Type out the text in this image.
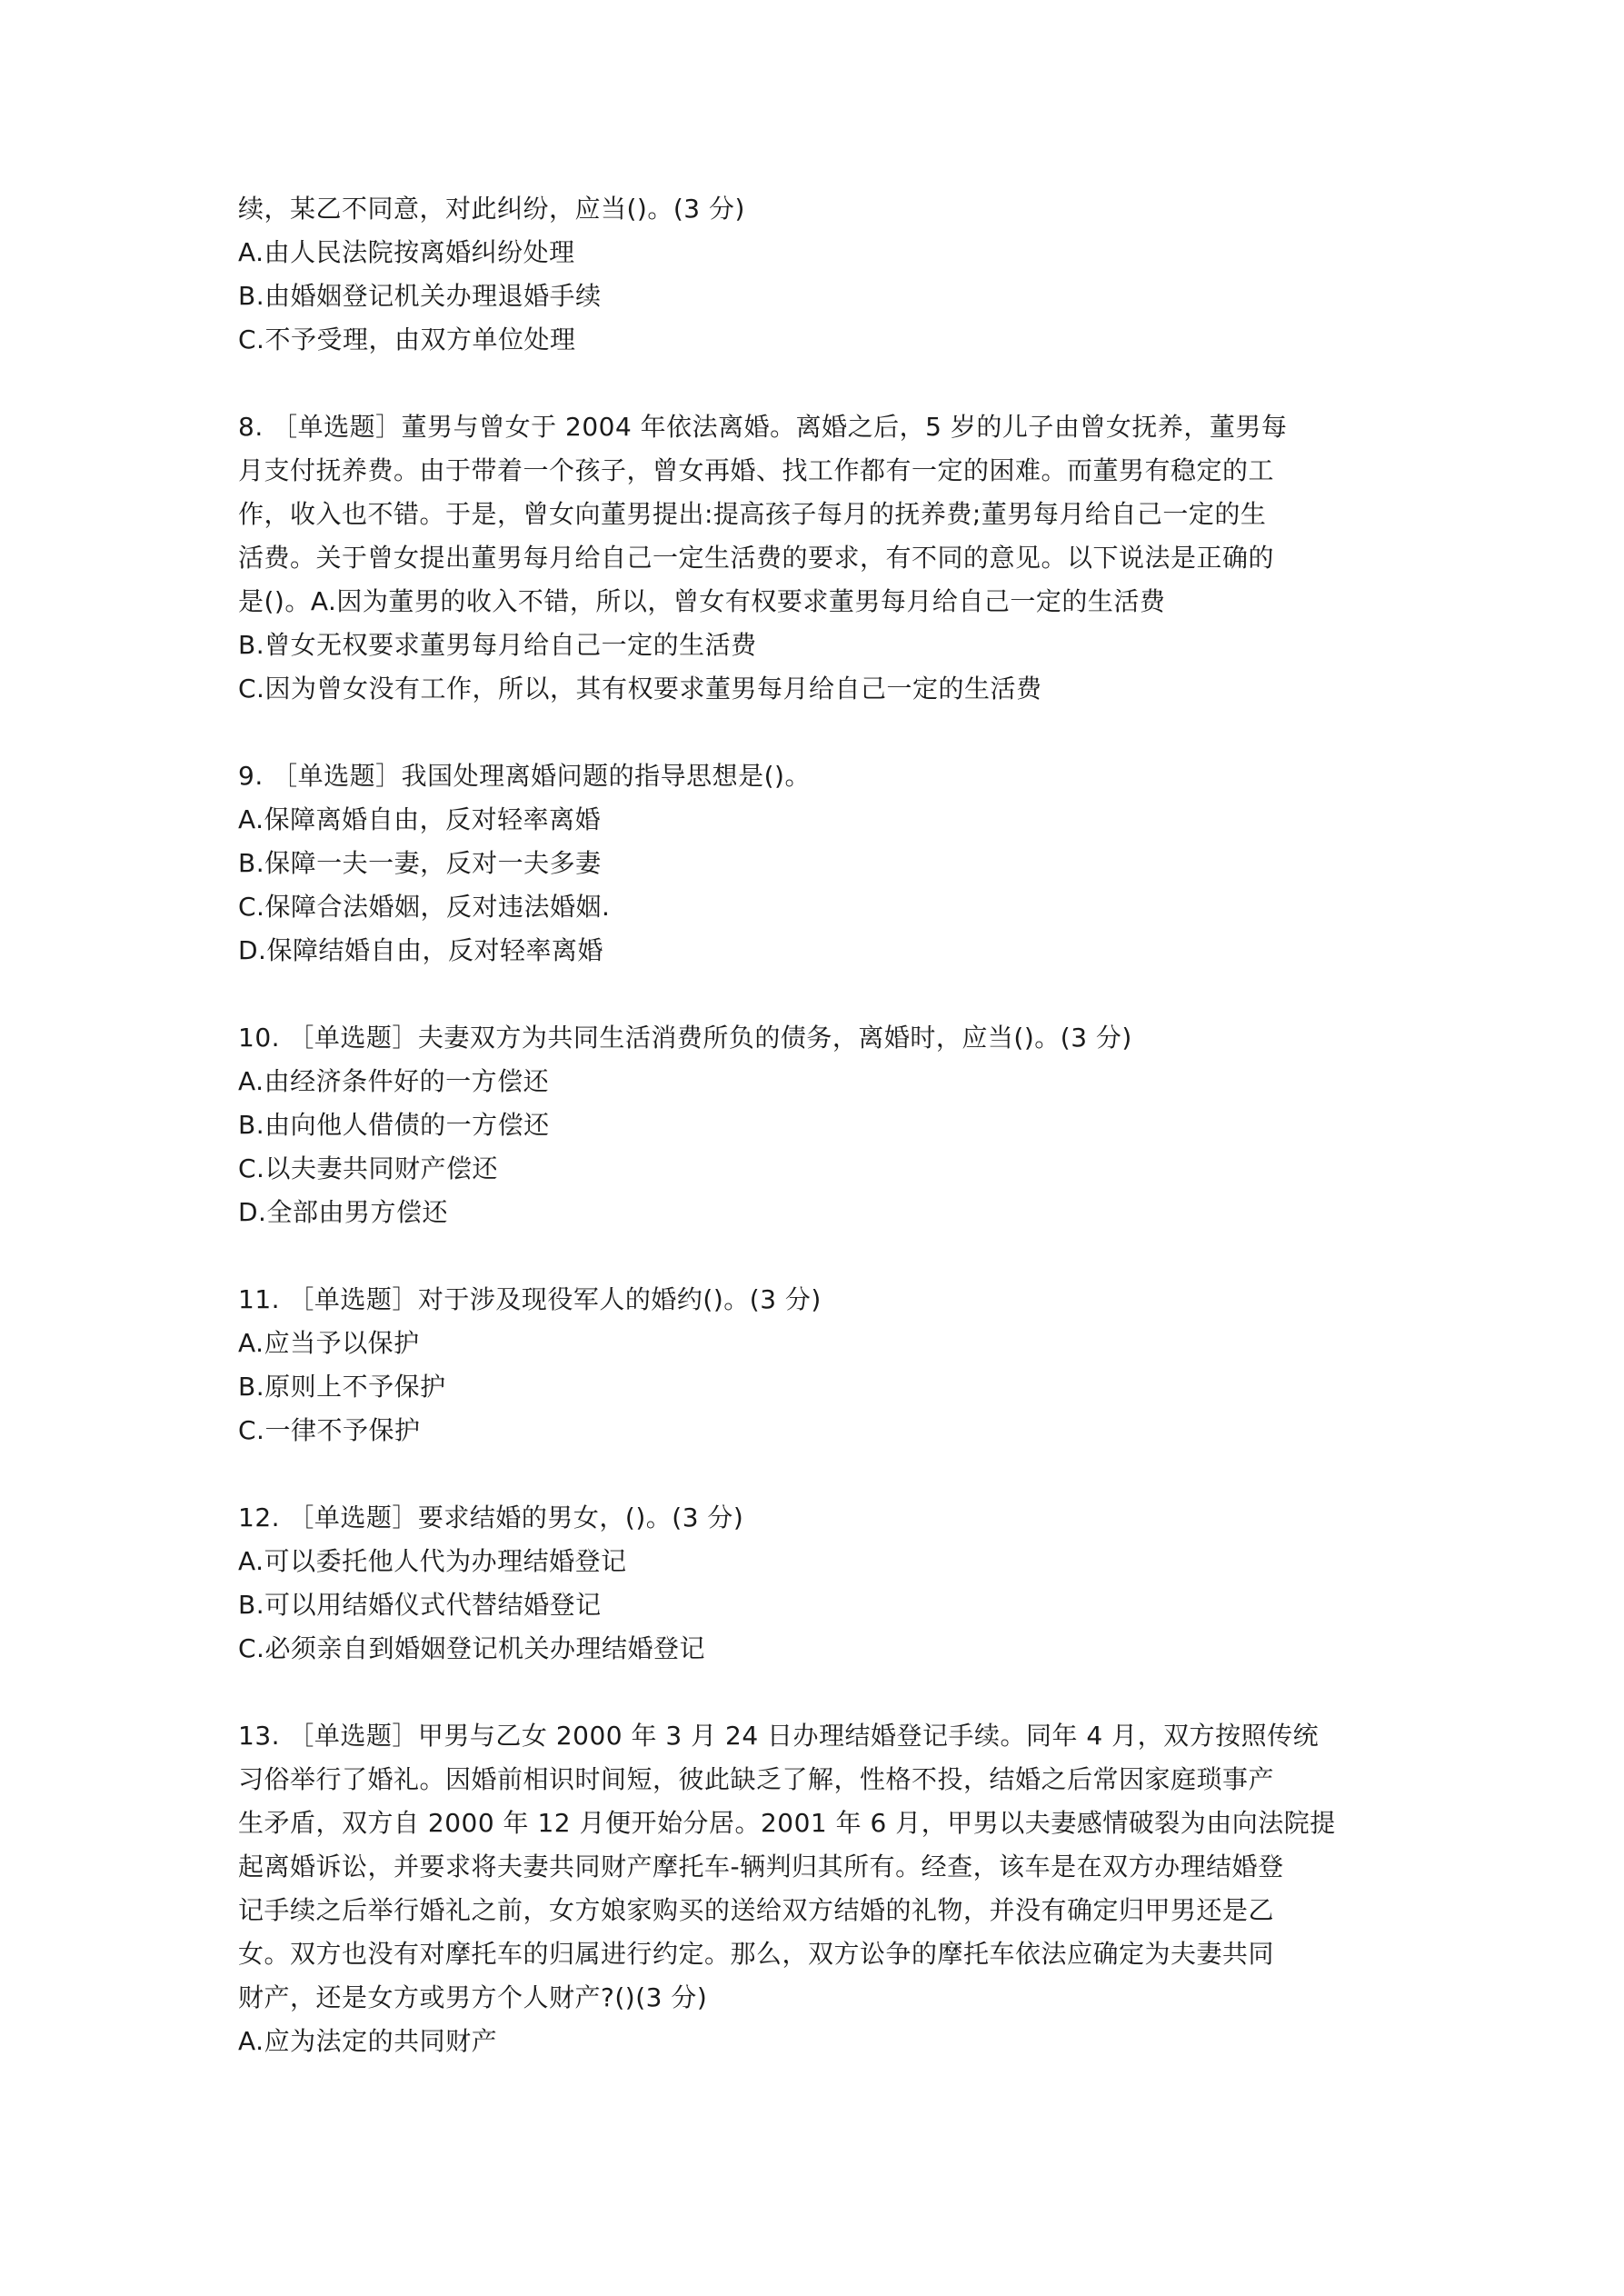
续，某乙不同意，对此纠纷，应当()。(3 分)
A.由人民法院按离婚纠纷处理
B.由婚姻登记机关办理退婚手续
C.不予受理，由双方单位处理
8. ［单选题］董男与曾女于 2004 年依法离婚。离婚之后，5 岁的儿子由曾女抚养，董男每
月支付抚养费。由于带着一个孩子，曾女再婚、找工作都有一定的困难。而董男有稳定的工
作，收入也不错。于是，曾女向董男提出:提高孩子每月的抚养费;董男每月给自己一定的生
活费。关于曾女提出董男每月给自己一定生活费的要求，有不同的意见。以下说法是正确的
是()。A.因为董男的收入不错，所以，曾女有权要求董男每月给自己一定的生活费
B.曾女无权要求董男每月给自己一定的生活费
C.因为曾女没有工作，所以，其有权要求董男每月给自己一定的生活费
9. ［单选题］我国处理离婚问题的指导思想是()。
A.保障离婚自由，反对轻率离婚
B.保障一夫一妻，反对一夫多妻
C.保障合法婚姻，反对违法婚姻.
D.保障结婚自由，反对轻率离婚
10. ［单选题］夫妻双方为共同生活消费所负的债务，离婚时，应当()。(3 分)
A.由经济条件好的一方偿还
B.由向他人借债的一方偿还
C.以夫妻共同财产偿还
D.全部由男方偿还
11. ［单选题］对于涉及现役军人的婚约()。(3 分)
A.应当予以保护
B.原则上不予保护
C.一律不予保护
12. ［单选题］要求结婚的男女，()。(3 分)
A.可以委托他人代为办理结婚登记
B.可以用结婚仪式代替结婚登记
C.必须亲自到婚姻登记机关办理结婚登记
13. ［单选题］甲男与乙女 2000 年 3 月 24 日办理结婚登记手续。同年 4 月，双方按照传统
习俗举行了婚礼。因婚前相识时间短，彼此缺乏了解，性格不投，结婚之后常因家庭琐事产
生矛盾，双方自 2000 年 12 月便开始分居。2001 年 6 月，甲男以夫妻感情破裂为由向法院提
起离婚诉讼，并要求将夫妻共同财产摩托车-辆判归其所有。经查，该车是在双方办理结婚登
记手续之后举行婚礼之前，女方娘家购买的送给双方结婚的礼物，并没有确定归甲男还是乙
女。双方也没有对摩托车的归属进行约定。那么，双方讼争的摩托车依法应确定为夫妻共同
财产，还是女方或男方个人财产?()(3 分)
A.应为法定的共同财产
